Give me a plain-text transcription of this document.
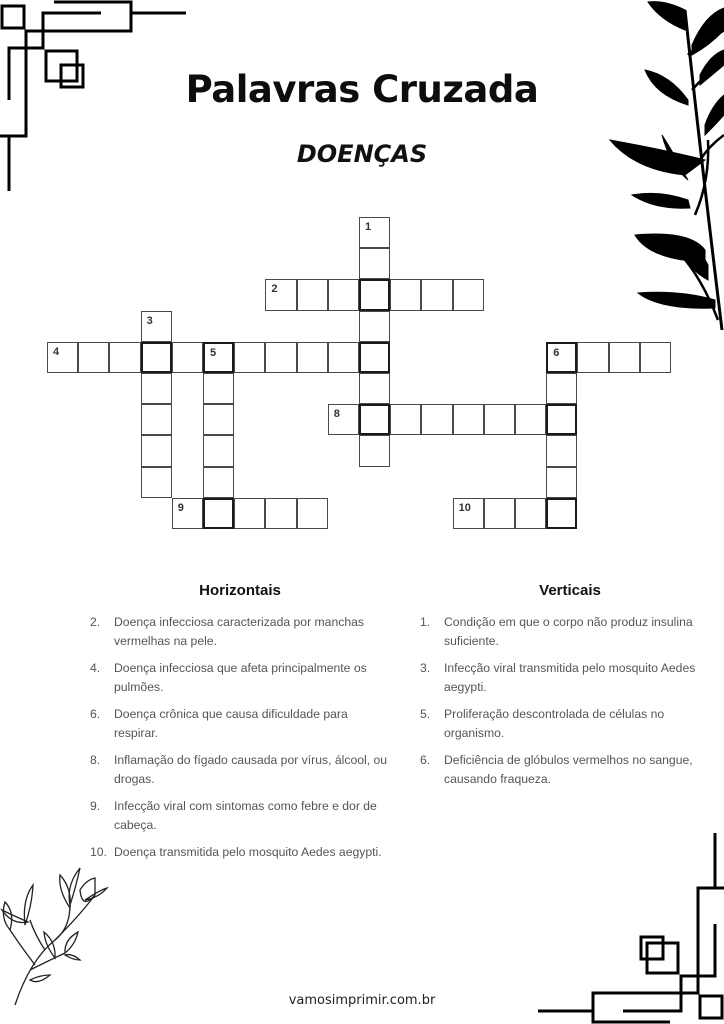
Palavras Cruzada
DOENÇAS
1
2
3
4	5	6
8
9	10
Horizontais
2.	Doença infecciosa caracterizada por manchas vermelhas na pele.
4.	Doença infecciosa que afeta principalmente os pulmões.
6.	Doença crônica que causa dificuldade para respirar.
8.	Inflamação do fígado causada por vírus, álcool, ou drogas.
9.	Infecção viral com sintomas como febre e dor de cabeça.
10. Doença transmitida pelo mosquito Aedes aegypti.
Verticais
1.	Condição em que o corpo não produz insulina suficiente.
3.	Infecção viral transmitida pelo mosquito Aedes aegypti.
5.	Proliferação descontrolada de células no organismo.
6.	Deficiência de glóbulos vermelhos no sangue, causando fraqueza.
vamosimprimir.com.br
